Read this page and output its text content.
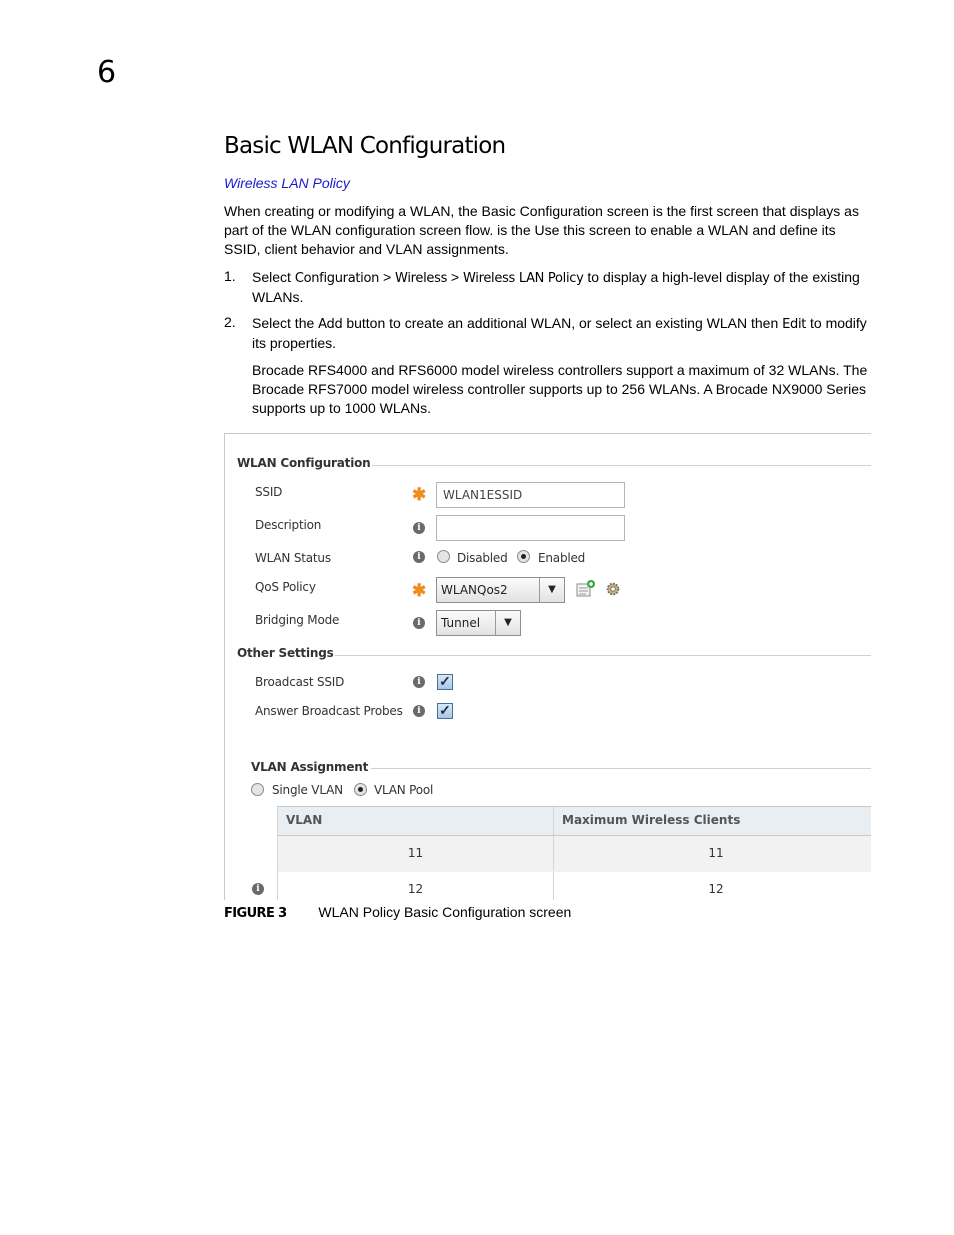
6
Basic WLAN Configuration
Wireless LAN Policy
When creating or modifying a WLAN, the Basic Configuration screen is the first screen that displays as part of the WLAN configuration screen flow. is the Use this screen to enable a WLAN and define its SSID, client behavior and VLAN assignments.
1. Select Configuration > Wireless > Wireless LAN Policy to display a high-level display of the existing WLANs.
2. Select the Add button to create an additional WLAN, or select an existing WLAN then Edit to modify its properties.
Brocade RFS4000 and RFS6000 model wireless controllers support a maximum of 32 WLANs. The Brocade RFS7000 model wireless controller supports up to 256 WLANs. A Brocade NX9000 Series supports up to 1000 WLANs.
WLAN Configuration
SSID	✱	WLAN1ESSID
Description	i
WLAN Status	i	Disabled	Enabled
QoS Policy	✱ WLANQos2	▼
Bridging Mode	i	Tunnel	▼
Other Settings
Broadcast SSID	i	✓
Answer Broadcast Probes	i	✓
VLAN Assignment
Single VLAN	VLAN Pool
VLAN	Maximum Wireless Clients
11	11
12	12
i
FIGURE 3 WLAN Policy Basic Configuration screen
